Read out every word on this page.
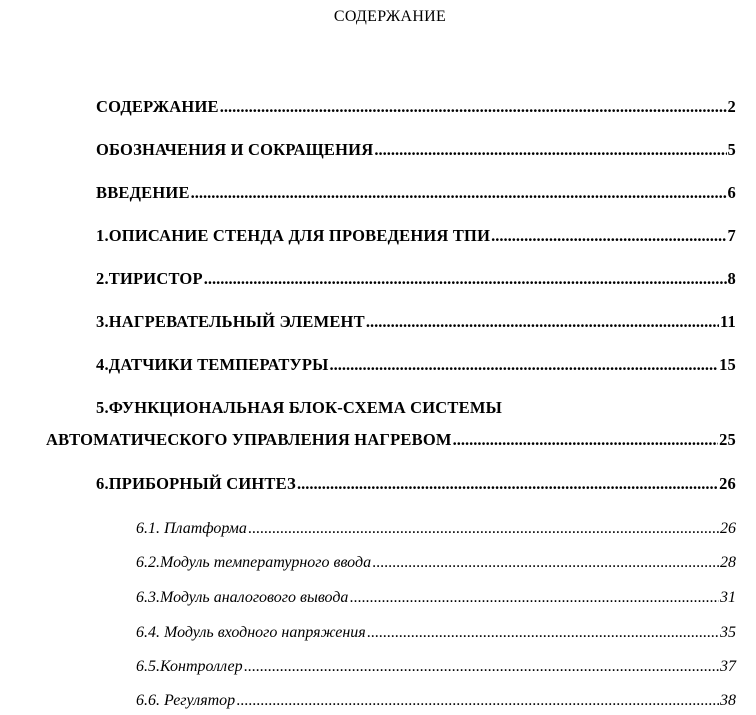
СОДЕРЖАНИЕ
СОДЕРЖАНИЕ .....	2
ОБОЗНАЧЕНИЯ И СОКРАЩЕНИЯ .....	5
ВВЕДЕНИЕ .....	6
1.ОПИСАНИЕ СТЕНДА ДЛЯ ПРОВЕДЕНИЯ ТПИ .....	7
2.ТИРИСТОР .....	8
3.НАГРЕВАТЕЛЬНЫЙ ЭЛЕМЕНТ .....	11
4.ДАТЧИКИ ТЕМПЕРАТУРЫ .....	15
5.ФУНКЦИОНАЛЬНАЯ БЛОК-СХЕМА СИСТЕМЫ
АВТОМАТИЧЕСКОГО УПРАВЛЕНИЯ НАГРЕВОМ .....	25
6.ПРИБОРНЫЙ СИНТЕЗ .....	26
6.1. Платформа .....	26
6.2.Модуль температурного ввода .....	28
6.3.Модуль аналогового вывода .....	31
6.4. Модуль входного напряжения .....	35
6.5.Контроллер .....	37
6.6. Регулятор .....	38
